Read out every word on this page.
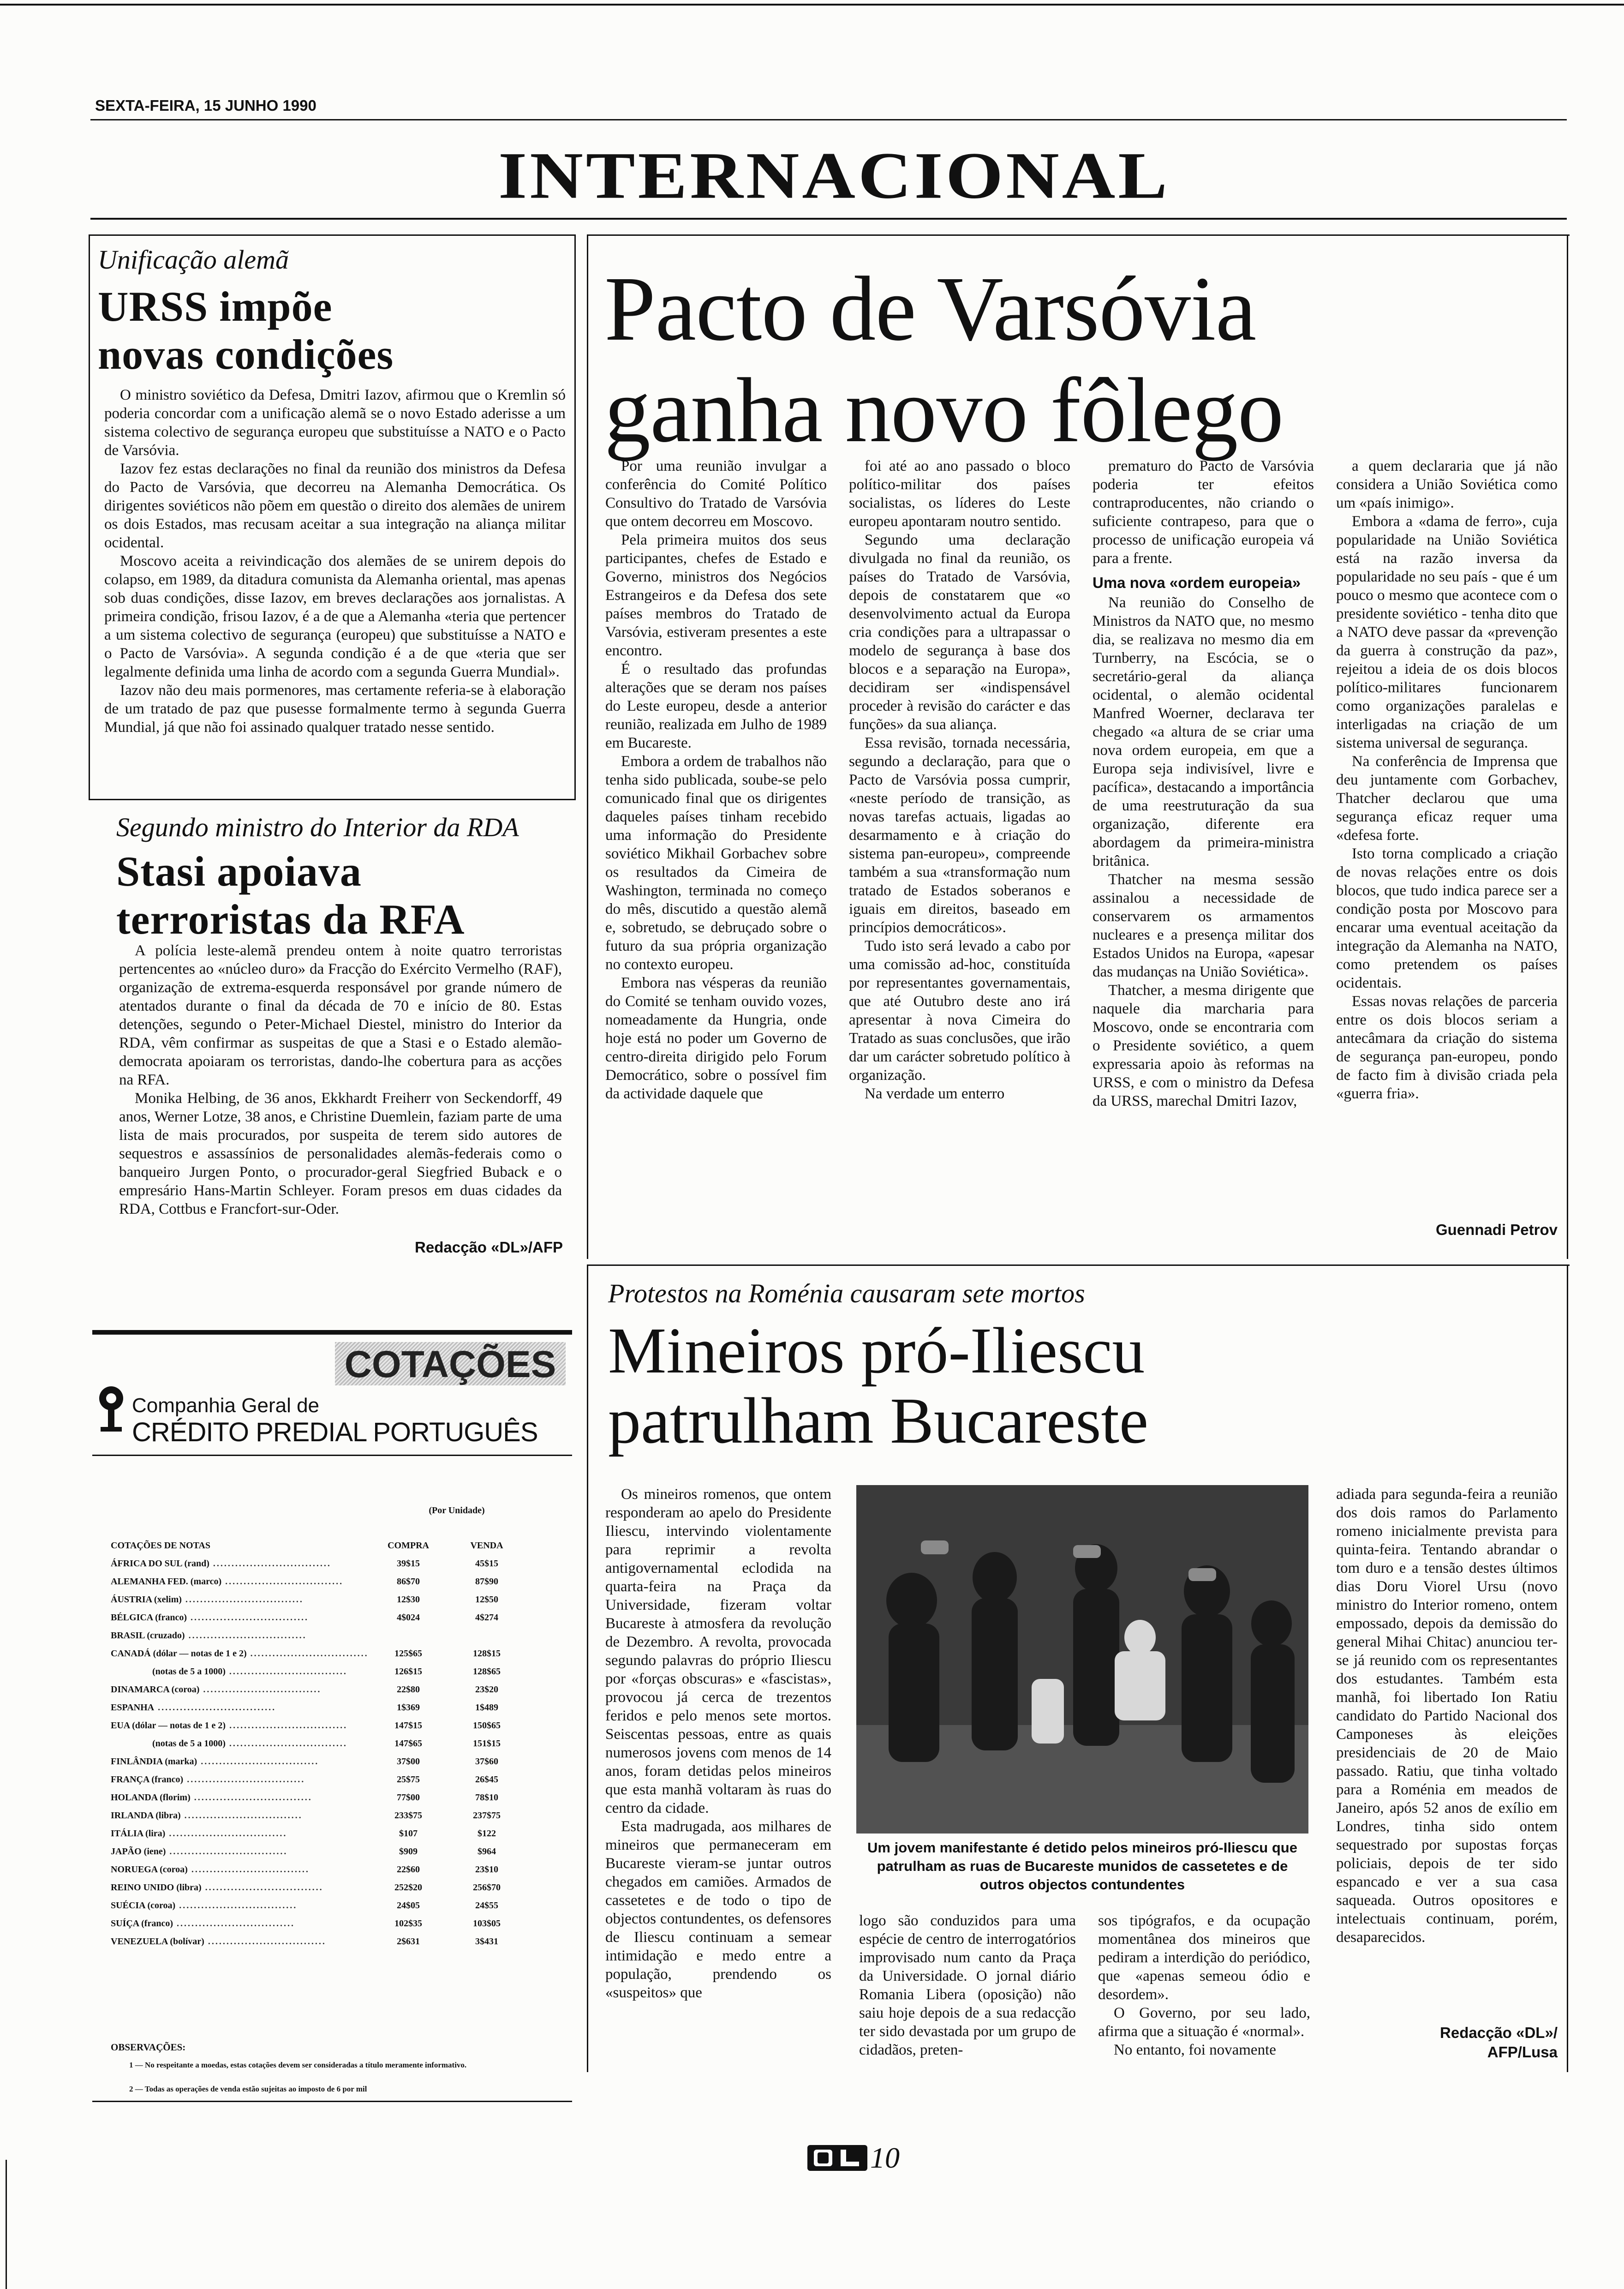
SEXTA-FEIRA, 15 JUNHO 1990
INTERNACIONAL
Unificação alemã
URSS impõe
novas condições

O ministro soviético da Defesa, Dmitri Iazov, afirmou que o Kremlin só poderia concordar com a unificação alemã se o novo Estado aderisse a um sistema colectivo de segurança europeu que substituísse a NATO e o Pacto de Varsóvia.

Iazov fez estas declarações no final da reunião dos ministros da Defesa do Pacto de Varsóvia, que decorreu na Alemanha Democrática. Os dirigentes soviéticos não põem em questão o direito dos alemães de unirem os dois Estados, mas recusam aceitar a sua integração na aliança militar ocidental.

Moscovo aceita a reivindicação dos alemães de se unirem depois do colapso, em 1989, da ditadura comunista da Alemanha oriental, mas apenas sob duas condições, disse Iazov, em breves declarações aos jornalistas. A primeira condição, frisou Iazov, é a de que a Alemanha «teria que pertencer a um sistema colectivo de segurança (europeu) que substituísse a NATO e o Pacto de Varsóvia». A segunda condição é a de que «teria que ser legalmente definida uma linha de acordo com a segunda Guerra Mundial».

Iazov não deu mais pormenores, mas certamente referia-se à elaboração de um tratado de paz que pusesse formalmente termo à segunda Guerra Mundial, já que não foi assinado qualquer tratado nesse sentido.

Segundo ministro do Interior da RDA
Stasi apoiava
terroristas da RFA

A polícia leste-alemã prendeu ontem à noite quatro terroristas pertencentes ao «núcleo duro» da Fracção do Exército Vermelho (RAF), organização de extrema-esquerda responsável por grande número de atentados durante o final da década de 70 e início de 80. Estas detenções, segundo o Peter-Michael Diestel, ministro do Interior da RDA, vêm confirmar as suspeitas de que a Stasi e o Estado alemão-democrata apoiaram os terroristas, dando-lhe cobertura para as acções na RFA.

Monika Helbing, de 36 anos, Ekkhardt Freiherr von Seckendorff, 49 anos, Werner Lotze, 38 anos, e Christine Duemlein, faziam parte de uma lista de mais procurados, por suspeita de terem sido autores de sequestros e assassínios de personalidades alemãs-federais como o banqueiro Jurgen Ponto, o procurador-geral Siegfried Buback e o empresário Hans-Martin Schleyer. Foram presos em duas cidades da RDA, Cottbus e Francfort-sur-Oder.

Redacção «DL»/AFP
Pacto de Varsóvia
ganha novo fôlego

Por uma reunião invulgar a conferência do Comité Político Consultivo do Tratado de Varsóvia que ontem decorreu em Moscovo.

Pela primeira muitos dos seus participantes, chefes de Estado e Governo, ministros dos Negócios Estrangeiros e da Defesa dos sete países membros do Tratado de Varsóvia, estiveram presentes a este encontro.

É o resultado das profundas alterações que se deram nos países do Leste europeu, desde a anterior reunião, realizada em Julho de 1989 em Bucareste.

Embora a ordem de trabalhos não tenha sido publicada, soube-se pelo comunicado final que os dirigentes daqueles países tinham recebido uma informação do Presidente soviético Mikhail Gorbachev sobre os resultados da Cimeira de Washington, terminada no começo do mês, discutido a questão alemã e, sobretudo, se debruçado sobre o futuro da sua própria organização no contexto europeu.

Embora nas vésperas da reunião do Comité se tenham ouvido vozes, nomeadamente da Hungria, onde hoje está no poder um Governo de centro-direita dirigido pelo Forum Democrático, sobre o possível fim da actividade daquele que

foi até ao ano passado o bloco político-militar dos países socialistas, os líderes do Leste europeu apontaram noutro sentido.

Segundo uma declaração divulgada no final da reunião, os países do Tratado de Varsóvia, depois de constatarem que «o desenvolvimento actual da Europa cria condições para a ultrapassar o modelo de segurança à base dos blocos e a separação na Europa», decidiram ser «indispensável proceder à revisão do carácter e das funções» da sua aliança.

Essa revisão, tornada necessária, segundo a declaração, para que o Pacto de Varsóvia possa cumprir, «neste período de transição, as novas tarefas actuais, ligadas ao desarmamento e à criação do sistema pan-europeu», compreende também a sua «transformação num tratado de Estados soberanos e iguais em direitos, baseado em princípios democráticos».

Tudo isto será levado a cabo por uma comissão ad-hoc, constituída por representantes governamentais, que até Outubro deste ano irá apresentar à nova Cimeira do Tratado as suas conclusões, que irão dar um carácter sobretudo político à organização.

Na verdade um enterro

prematuro do Pacto de Varsóvia poderia ter efeitos contraproducentes, não criando o suficiente contrapeso, para que o processo de unificação europeia vá para a frente.

Uma nova «ordem europeia»

Na reunião do Conselho de Ministros da NATO que, no mesmo dia, se realizava no mesmo dia em Turnberry, na Escócia, se o secretário-geral da aliança ocidental, o alemão ocidental Manfred Woerner, declarava ter chegado «a altura de se criar uma nova ordem europeia, em que a Europa seja indivisível, livre e pacífica», destacando a importância de uma reestruturação da sua organização, diferente era abordagem da primeira-ministra britânica.

Thatcher na mesma sessão assinalou a necessidade de conservarem os armamentos nucleares e a presença militar dos Estados Unidos na Europa, «apesar das mudanças na União Soviética».

Thatcher, a mesma dirigente que naquele dia marcharia para Moscovo, onde se encontraria com o Presidente soviético, a quem expressaria apoio às reformas na URSS, e com o ministro da Defesa da URSS, marechal Dmitri Iazov,

a quem declararia que já não considera a União Soviética como um «país inimigo».

Embora a «dama de ferro», cuja popularidade na União Soviética está na razão inversa da popularidade no seu país - que é um pouco o mesmo que acontece com o presidente soviético - tenha dito que a NATO deve passar da «prevenção da guerra à construção da paz», rejeitou a ideia de os dois blocos político-militares funcionarem como organizações paralelas e interligadas na criação de um sistema universal de segurança.

Na conferência de Imprensa que deu juntamente com Gorbachev, Thatcher declarou que uma segurança eficaz requer uma «defesa forte.

Isto torna complicado a criação de novas relações entre os dois blocos, que tudo indica parece ser a condição posta por Moscovo para encarar uma eventual aceitação da integração da Alemanha na NATO, como pretendem os países ocidentais.

Essas novas relações de parceria entre os dois blocos seriam a antecâmara da criação do sistema de segurança pan-europeu, pondo de facto fim à divisão criada pela «guerra fria».

Guennadi Petrov
Protestos na Roménia causaram sete mortos
Mineiros pró-Iliescu
patrulham Bucareste

Os mineiros romenos, que ontem responderam ao apelo do Presidente Iliescu, intervindo violentamente para reprimir a revolta antigovernamental eclodida na quarta-feira na Praça da Universidade, fizeram voltar Bucareste à atmosfera da revolução de Dezembro. A revolta, provocada segundo palavras do próprio Iliescu por «forças obscuras» e «fascistas», provocou já cerca de trezentos feridos e pelo menos sete mortos. Seiscentas pessoas, entre as quais numerosos jovens com menos de 14 anos, foram detidas pelos mineiros que esta manhã voltaram às ruas do centro da cidade.

Esta madrugada, aos milhares de mineiros que permaneceram em Bucareste vieram-se juntar outros chegados em camiões. Armados de cassetetes e de todo o tipo de objectos contundentes, os defensores de Iliescu continuam a semear intimidação e medo entre a população, prendendo os «suspeitos» que

Um jovem manifestante é detido pelos mineiros pró-Iliescu que patrulham as ruas de Bucareste munidos de cassetetes e de outros objectos contundentes

logo são conduzidos para uma espécie de centro de interrogatórios improvisado num canto da Praça da Universidade. O jornal diário Romania Libera (oposição) não saiu hoje depois de a sua redacção ter sido devastada por um grupo de cidadãos, preten-

sos tipógrafos, e da ocupação momentânea dos mineiros que pediram a interdição do periódico, que «apenas semeou ódio e desordem».

O Governo, por seu lado, afirma que a situação é «normal».

No entanto, foi novamente

adiada para segunda-feira a reunião dos dois ramos do Parlamento romeno inicialmente prevista para quinta-feira. Tentando abrandar o tom duro e a tensão destes últimos dias Doru Viorel Ursu (novo ministro do Interior romeno, ontem empossado, depois da demissão do general Mihai Chitac) anunciou ter-se já reunido com os representantes dos estudantes. Também esta manhã, foi libertado Ion Ratiu candidato do Partido Nacional dos Camponeses às eleições presidenciais de 20 de Maio passado. Ratiu, que tinha voltado para a Roménia em meados de Janeiro, após 52 anos de exílio em Londres, tinha sido ontem sequestrado por supostas forças policiais, depois de ter sido espancado e ver a sua casa saqueada. Outros opositores e intelectuais continuam, porém, desaparecidos.

Redacção «DL»/
AFP/Lusa
COTAÇÕES
Companhia Geral de
CRÉDITO PREDIAL PORTUGUÊS
(Por Unidade)
COTAÇÕES DE NOTAS	COMPRA	VENDA
ÁFRICA DO SUL (rand) ................................	39$15	45$15
ALEMANHA FED. (marco) ................................	86$70	87$90
ÁUSTRIA (xelim) ................................	12$30	12$50
BÉLGICA (franco) ................................	4$024	4$274
BRASIL (cruzado) ................................		
CANADÁ (dólar — notas de 1 e 2) ................................	125$65	128$15
(notas de 5 a 1000) ................................	126$15	128$65
DINAMARCA (coroa) ................................	22$80	23$20
ESPANHA ................................	1$369	1$489
EUA (dólar — notas de 1 e 2) ................................	147$15	150$65
(notas de 5 a 1000) ................................	147$65	151$15
FINLÂNDIA (marka) ................................	37$00	37$60
FRANÇA (franco) ................................	25$75	26$45
HOLANDA (florim) ................................	77$00	78$10
IRLANDA (libra) ................................	233$75	237$75
ITÁLIA (lira) ................................	$107	$122
JAPÃO (iene) ................................	$909	$964
NORUEGA (coroa) ................................	22$60	23$10
REINO UNIDO (libra) ................................	252$20	256$70
SUÉCIA (coroa) ................................	24$05	24$55
SUÍÇA (franco) ................................	102$35	103$05
VENEZUELA (bolívar) ................................	2$631	3$431
OBSERVAÇÕES:
1 — No respeitante a moedas, estas cotações devem ser consideradas a título meramente informativo.
2 — Todas as operações de venda estão sujeitas ao imposto de 6 por mil
10
